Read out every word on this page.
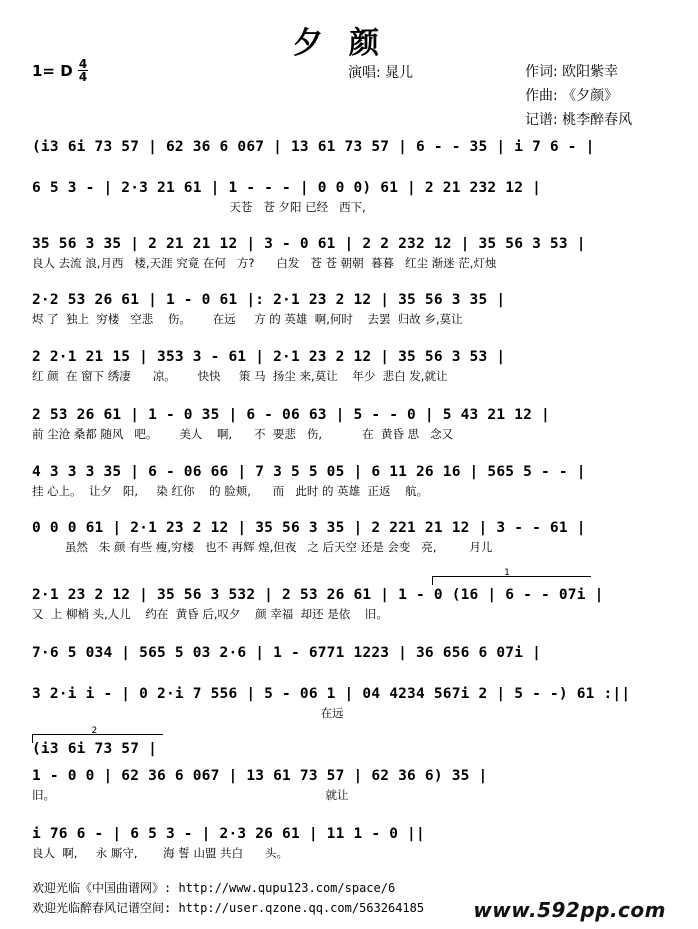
夕颜
1= D 4
4	演唱: 晁儿	作词: 欧阳紫幸
作曲: 《夕颜》
记谱: 桃李醉春风
(i3 6i 73 57 | 62 36 6 067 | 13 61 73 57 | 6 - - 35 | i 7 6 - |
6 5 3 - | 2·3 21 61 | 1 - - - | 0 0 0) 61 | 2 21 232 12 |
天苍   苍 夕阳 已经   西下,
35 56 3 35 | 2 21 21 12 | 3 - 0 61 | 2 2 232 12 | 35 56 3 53 |
良人 去流 浪,月西   楼,天涯 究竟 在何   方?      白发   苍 苍 朝朝  暮暮   红尘 渐迷 茫,灯烛
2·2 53 26 61 | 1 - 0 61 |: 2·1 23 2 12 | 35 56 3 35 |
烬 了  独上  穷楼   空悲    伤。      在远     方 的 英雄  啊,何时    去罢  归故 乡,莫让
2 2·1 21 15 | 353 3 - 61 | 2·1 23 2 12 | 35 56 3 53 |
红 颜  在 窗下 绣凄      凉。      快快     策 马  扬尘 来,莫让    年少  悲白 发,就让
2 53 26 61 | 1 - 0 35 | 6 - 06 63 | 5 - - 0 | 5 43 21 12 |
前 尘沧 桑都 随风   吧。      美人    啊,      不  要悲   伤,           在  黄昏 思   念又
4 3 3 3 35 | 6 - 06 66 | 7 3 5 5 05 | 6 11 26 16 | 565 5 - - |
挂 心上。  让夕   阳,     染 红你    的 脸颊,      而   此时 的 英雄  正返    航。
0 0 0 61 | 2·1 23 2 12 | 35 56 3 35 | 2 221 21 12 | 3 - - 61 |
虽然   朱 颜 有些 瘦,穷楼   也不 再辉 煌,但夜   之 后天空 还是 会变   亮,         月儿
1
2·1 23 2 12 | 35 56 3 532 | 2 53 26 61 | 1 - 0 (16 | 6 - - 07i |
又  上 柳梢 头,人儿    约在  黄昏 后,叹夕    颜 幸福  却还 是依    旧。
7·6 5 034 | 565 5 03 2·6 | 1 - 6771 1223 | 36 656 6 07i |
3 2·i i - | 0 2·i 7 556 | 5 - 06 1 | 04 4234 567i 2 | 5 - -) 61 :||
在远
2
(i3 6i 73 57 |
1 - 0 0 | 62 36 6 067 | 13 61 73 57 | 62 36 6) 35 |
旧。                                                                          就让
i 76 6 - | 6 5 3 - | 2·3 26 61 | 11 1 - 0 ||
良人  啊,     永 厮守,       海 誓 山盟 共白      头。
欢迎光临《中国曲谱网》: http://www.qupu123.com/space/6
欢迎光临醉春风记谱空间: http://user.qzone.qq.com/563264185 www.592pp.com
